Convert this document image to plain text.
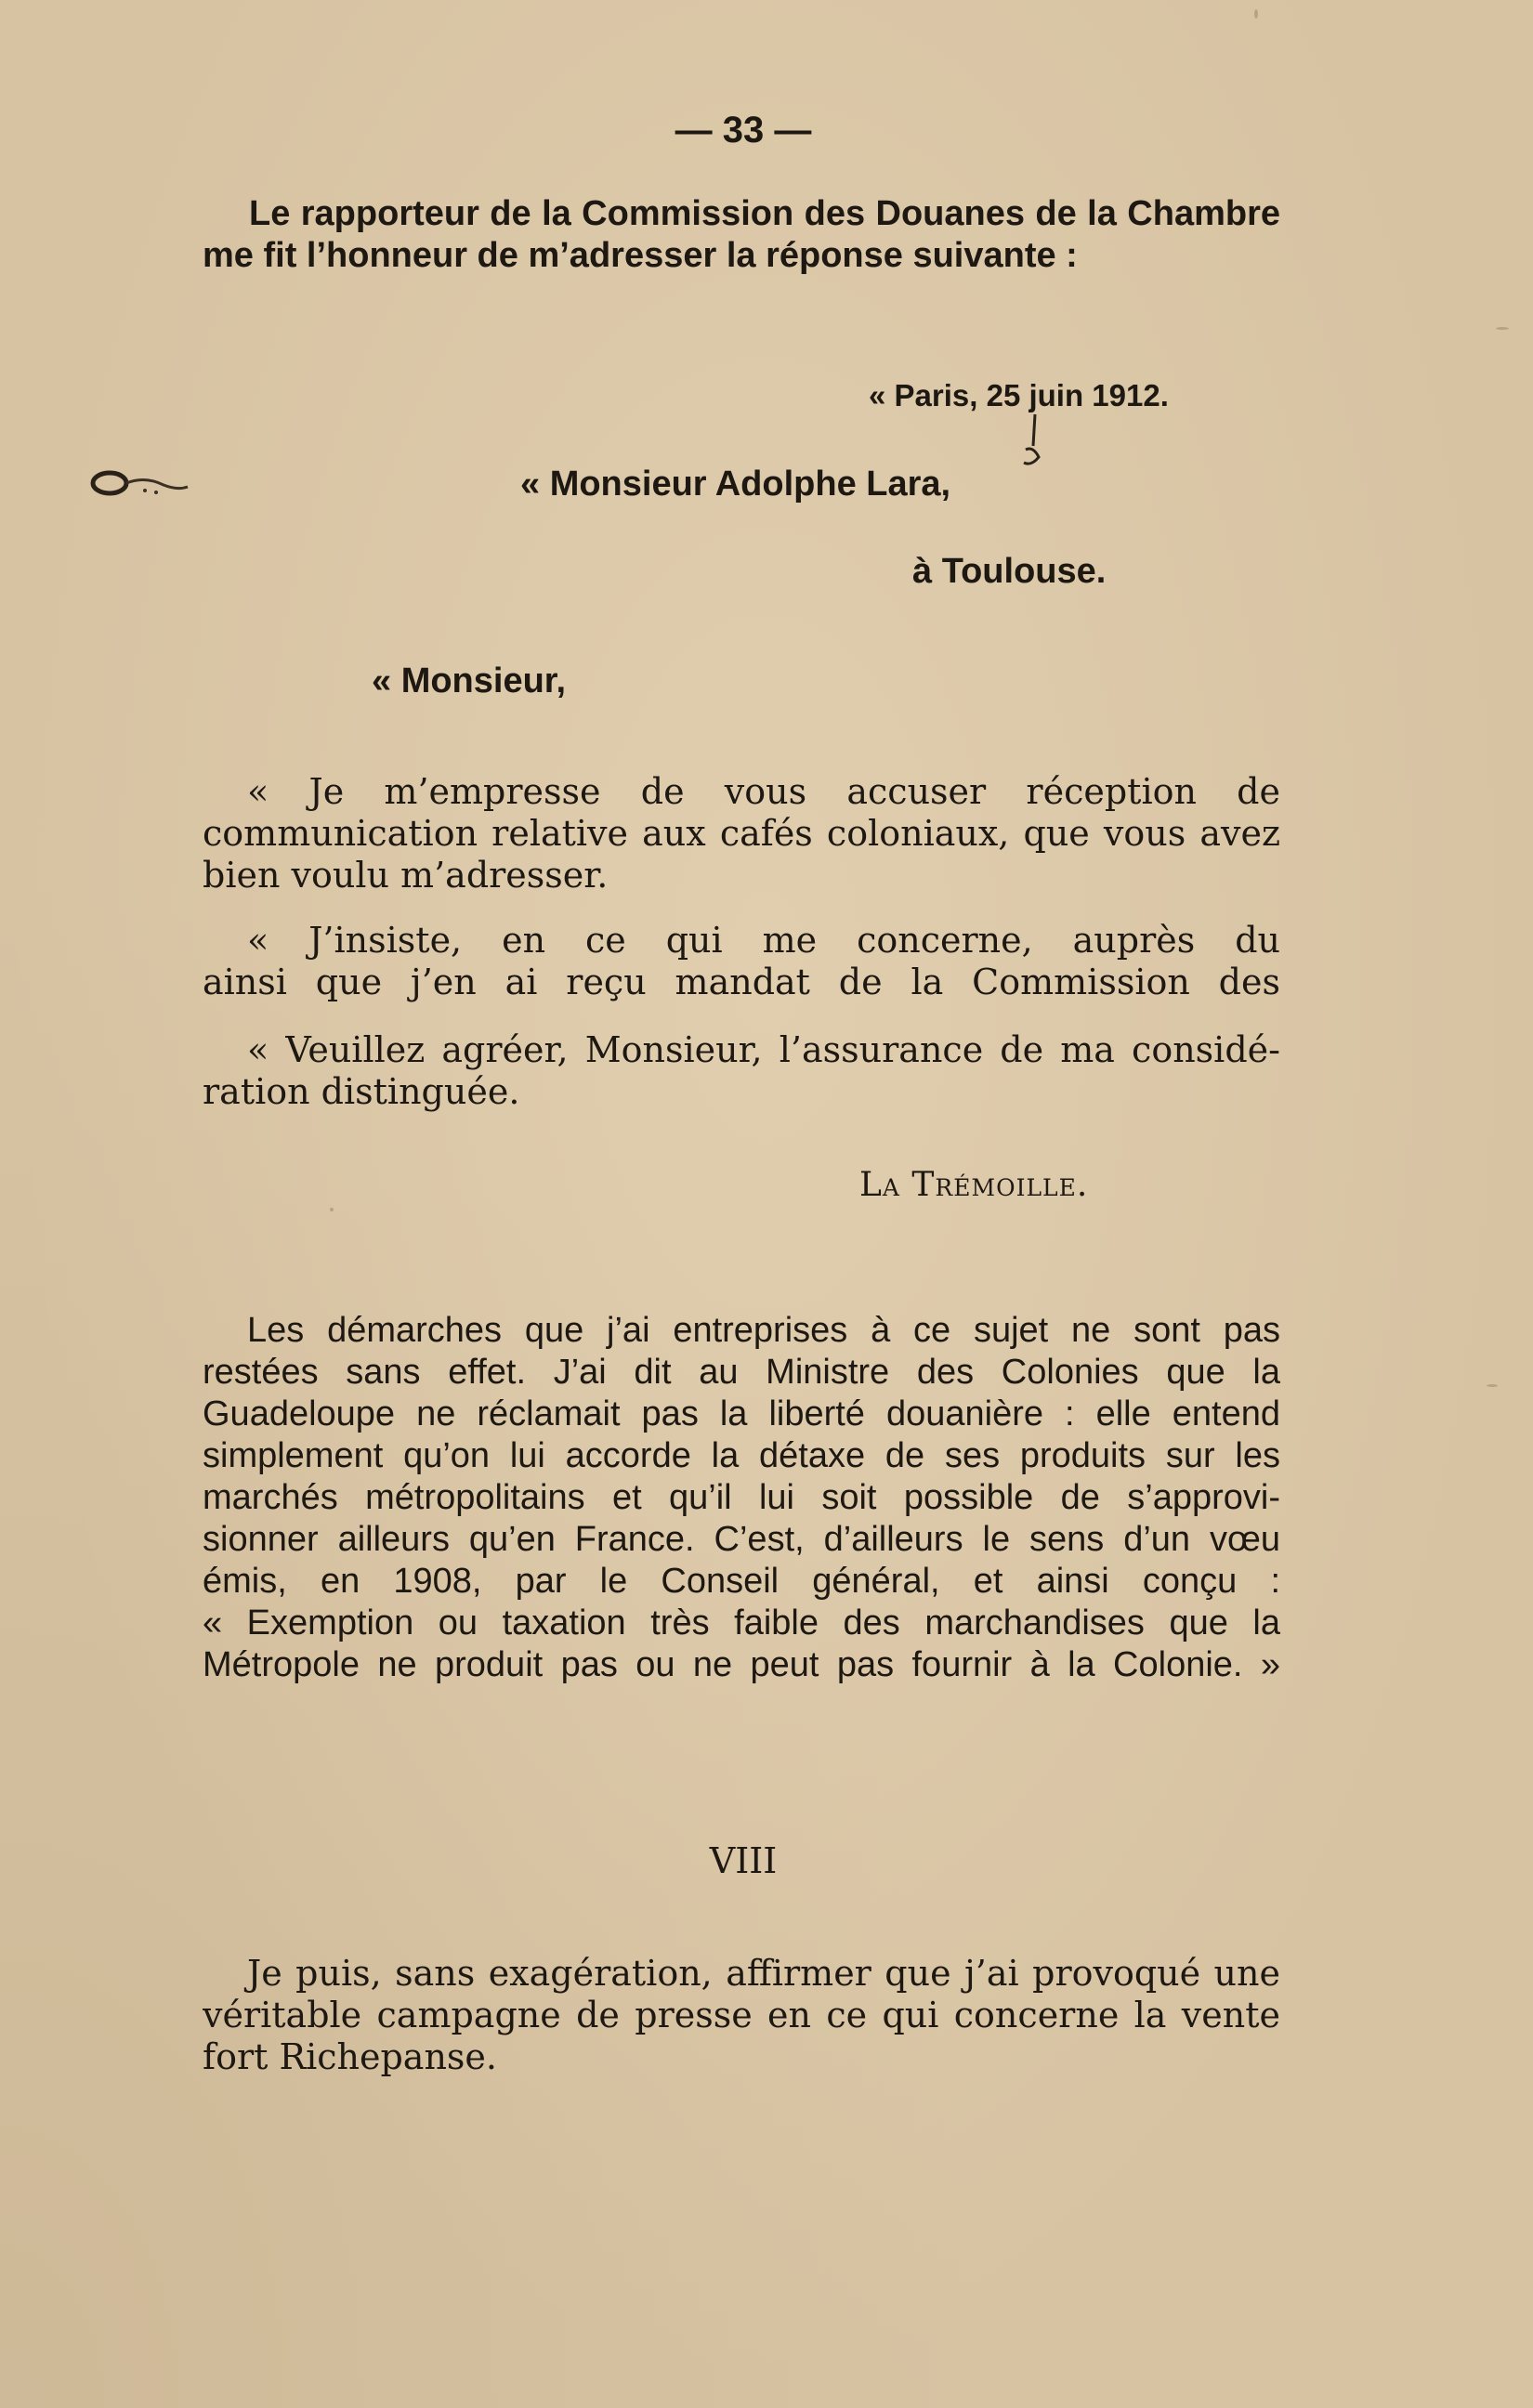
— 33 —
Le rapporteur de la Commission des Douanes de la Chambre
me fit l’honneur de m’adresser la réponse suivante :
« Paris, 25 juin 1912.
« Monsieur Adolphe Lara,
à Toulouse.
« Monsieur,
« Je m’empresse de vous accuser réception de
communication relative aux cafés coloniaux, que vous avez
bien voulu m’adresser.
« J’insiste, en ce qui me concerne, auprès du
ainsi que j’en ai reçu mandat de la Commission des
« Veuillez agréer, Monsieur, l’assurance de ma considé-
ration distinguée.
La Trémoille.
Les démarches que j’ai entreprises à ce sujet ne sont pas
restées sans effet. J’ai dit au Ministre des Colonies que la
Guadeloupe ne réclamait pas la liberté douanière : elle entend
simplement qu’on lui accorde la détaxe de ses produits sur les
marchés métropolitains et qu’il lui soit possible de s’approvi-
sionner ailleurs qu’en France. C’est, d’ailleurs le sens d’un vœu
émis, en 1908, par le Conseil général, et ainsi conçu :
« Exemption ou taxation très faible des marchandises que la
Métropole ne produit pas ou ne peut pas fournir à la Colonie. »
VIII
Je puis, sans exagération, affirmer que j’ai provoqué une
véritable campagne de presse en ce qui concerne la vente
fort Richepanse.
